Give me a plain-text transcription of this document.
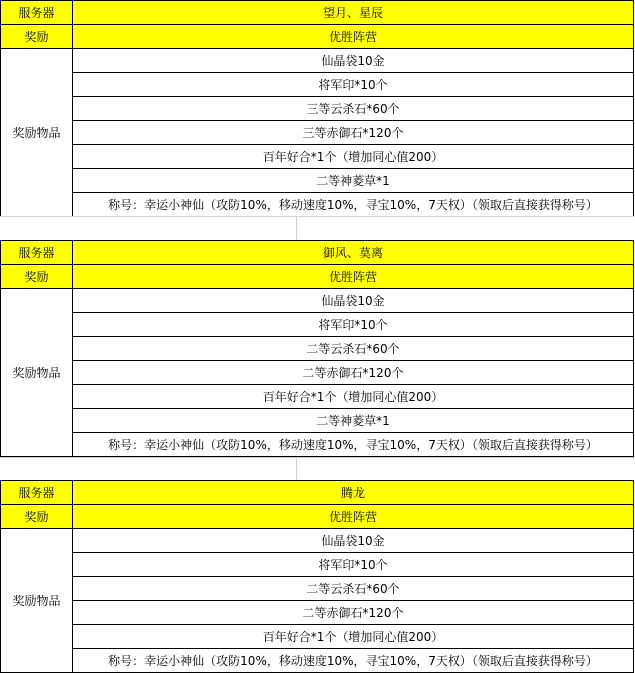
服务器	望月、星辰
奖励	优胜阵营
奖励物品	仙晶袋10金
	将军印*10个
	三等云杀石*60个
	三等赤御石*120个
	百年好合*1个（增加同心值200）
	二等神菱草*1
	称号：幸运小神仙（攻防10%，移动速度10%，寻宝10%，7天权）（领取后直接获得称号）
服务器	御风、莫离
奖励	优胜阵营
奖励物品	仙晶袋10金
	将军印*10个
	二等云杀石*60个
	二等赤御石*120个
	百年好合*1个（增加同心值200）
	二等神菱草*1
	称号：幸运小神仙（攻防10%，移动速度10%，寻宝10%，7天权）（领取后直接获得称号）
服务器	腾龙
奖励	优胜阵营
奖励物品	仙晶袋10金
	将军印*10个
	二等云杀石*60个
	二等赤御石*120个
	百年好合*1个（增加同心值200）
	称号：幸运小神仙（攻防10%，移动速度10%，寻宝10%，7天权）（领取后直接获得称号）
